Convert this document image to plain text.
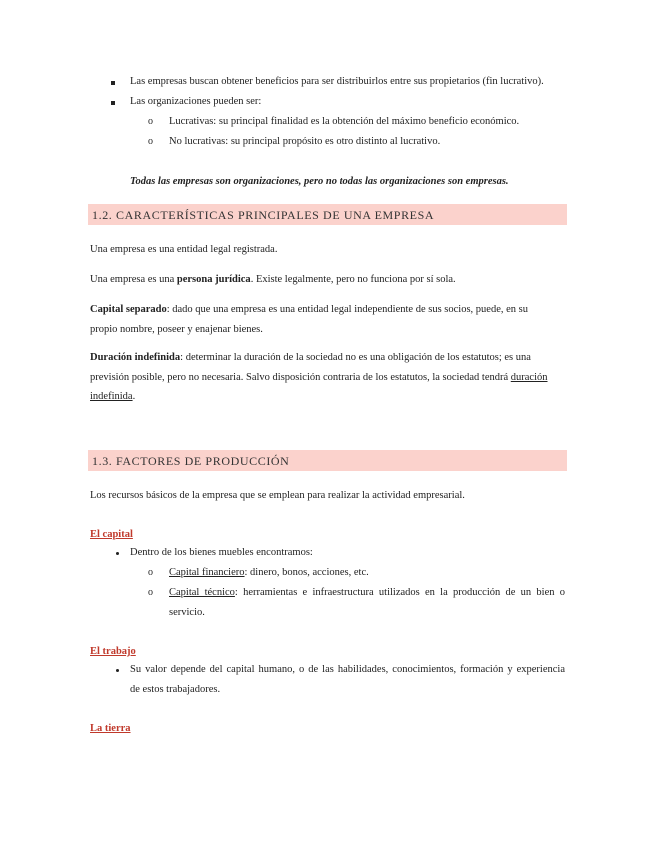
Las empresas buscan obtener beneficios para ser distribuirlos entre sus propietarios (fin lucrativo).
Las organizaciones pueden ser:
o Lucrativas: su principal finalidad es la obtención del máximo beneficio económico.
o No lucrativas: su principal propósito es otro distinto al lucrativo.
Todas las empresas son organizaciones, pero no todas las organizaciones son empresas.
1.2. CARACTERÍSTICAS PRINCIPALES DE UNA EMPRESA
Una empresa es una entidad legal registrada.
Una empresa es una persona jurídica. Existe legalmente, pero no funciona por sí sola.
Capital separado: dado que una empresa es una entidad legal independiente de sus socios, puede, en su
propio nombre, poseer y enajenar bienes.
Duración indefinida: determinar la duración de la sociedad no es una obligación de los estatutos; es una
previsión posible, pero no necesaria. Salvo disposición contraria de los estatutos, la sociedad tendrá duración
indefinida.
1.3. FACTORES DE PRODUCCIÓN
Los recursos básicos de la empresa que se emplean para realizar la actividad empresarial.
El capital
Dentro de los bienes muebles encontramos:
o Capital financiero: dinero, bonos, acciones, etc.
o Capital técnico: herramientas e infraestructura utilizados en la producción de un bien o
servicio.
El trabajo
Su valor depende del capital humano, o de las habilidades, conocimientos, formación y experiencia
de estos trabajadores.
La tierra
